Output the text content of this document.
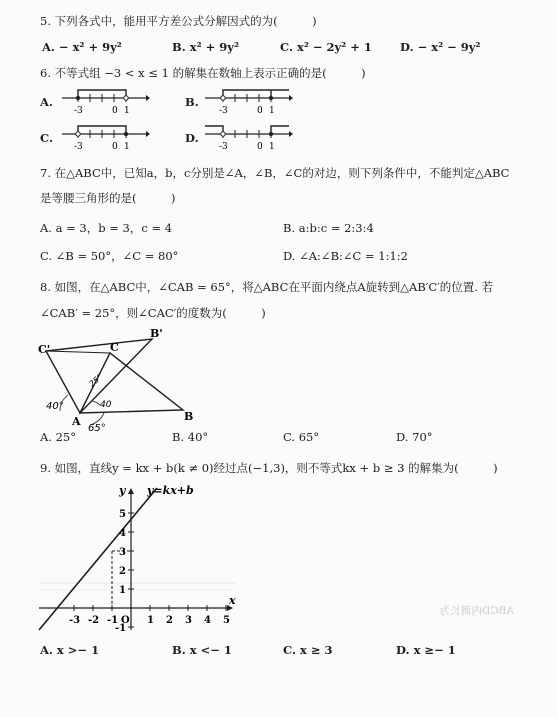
5. 下列各式中，能用平方差公式分解因式的为(　　　)
A. − x² + 9y²	B. x² + 9y²	C. x² − 2y² + 1 D. − x² − 9y²
6. 不等式组 −3 < x ≤ 1 的解集在数轴上表示正确的是(　　　)
A.
-3	0 1
B.
-3	0 1
C.
-3	0 1
D.
-3	0 1
7. 在△ABC中，已知a，b，c分别是∠A，∠B，∠C的对边，则下列条件中，不能判定△ABC
是等腰三角形的是(　　　)
A. a = 3，b = 3，c = 4	B. a:b:c = 2:3:4
C. ∠B = 50°，∠C = 80°	D. ∠A:∠B:∠C = 1:1:2
8. 如图，在△ABC中，∠CAB = 65°，将△ABC在平面内绕点A旋转到△AB′C′的位置. 若
∠CAB′ = 25°，则∠CAC′的度数为(　　　)
C'
B'
C
A	B
40°
25°
40
65°
A. 25°	B. 40°	C. 65°	D. 70°
9. 如图，直线y = kx + b(k ≠ 0)经过点(−1,3)，则不等式kx + b ≥ 3 的解集为(　　　)
y=kx+b
y
x
-3 -2 -1 O 1 2 3 4 5
5
4
3
2
1
-1
ABCD内调长为
A. x >− 1	B. x <− 1	C. x ≥ 3	D. x ≥− 1
